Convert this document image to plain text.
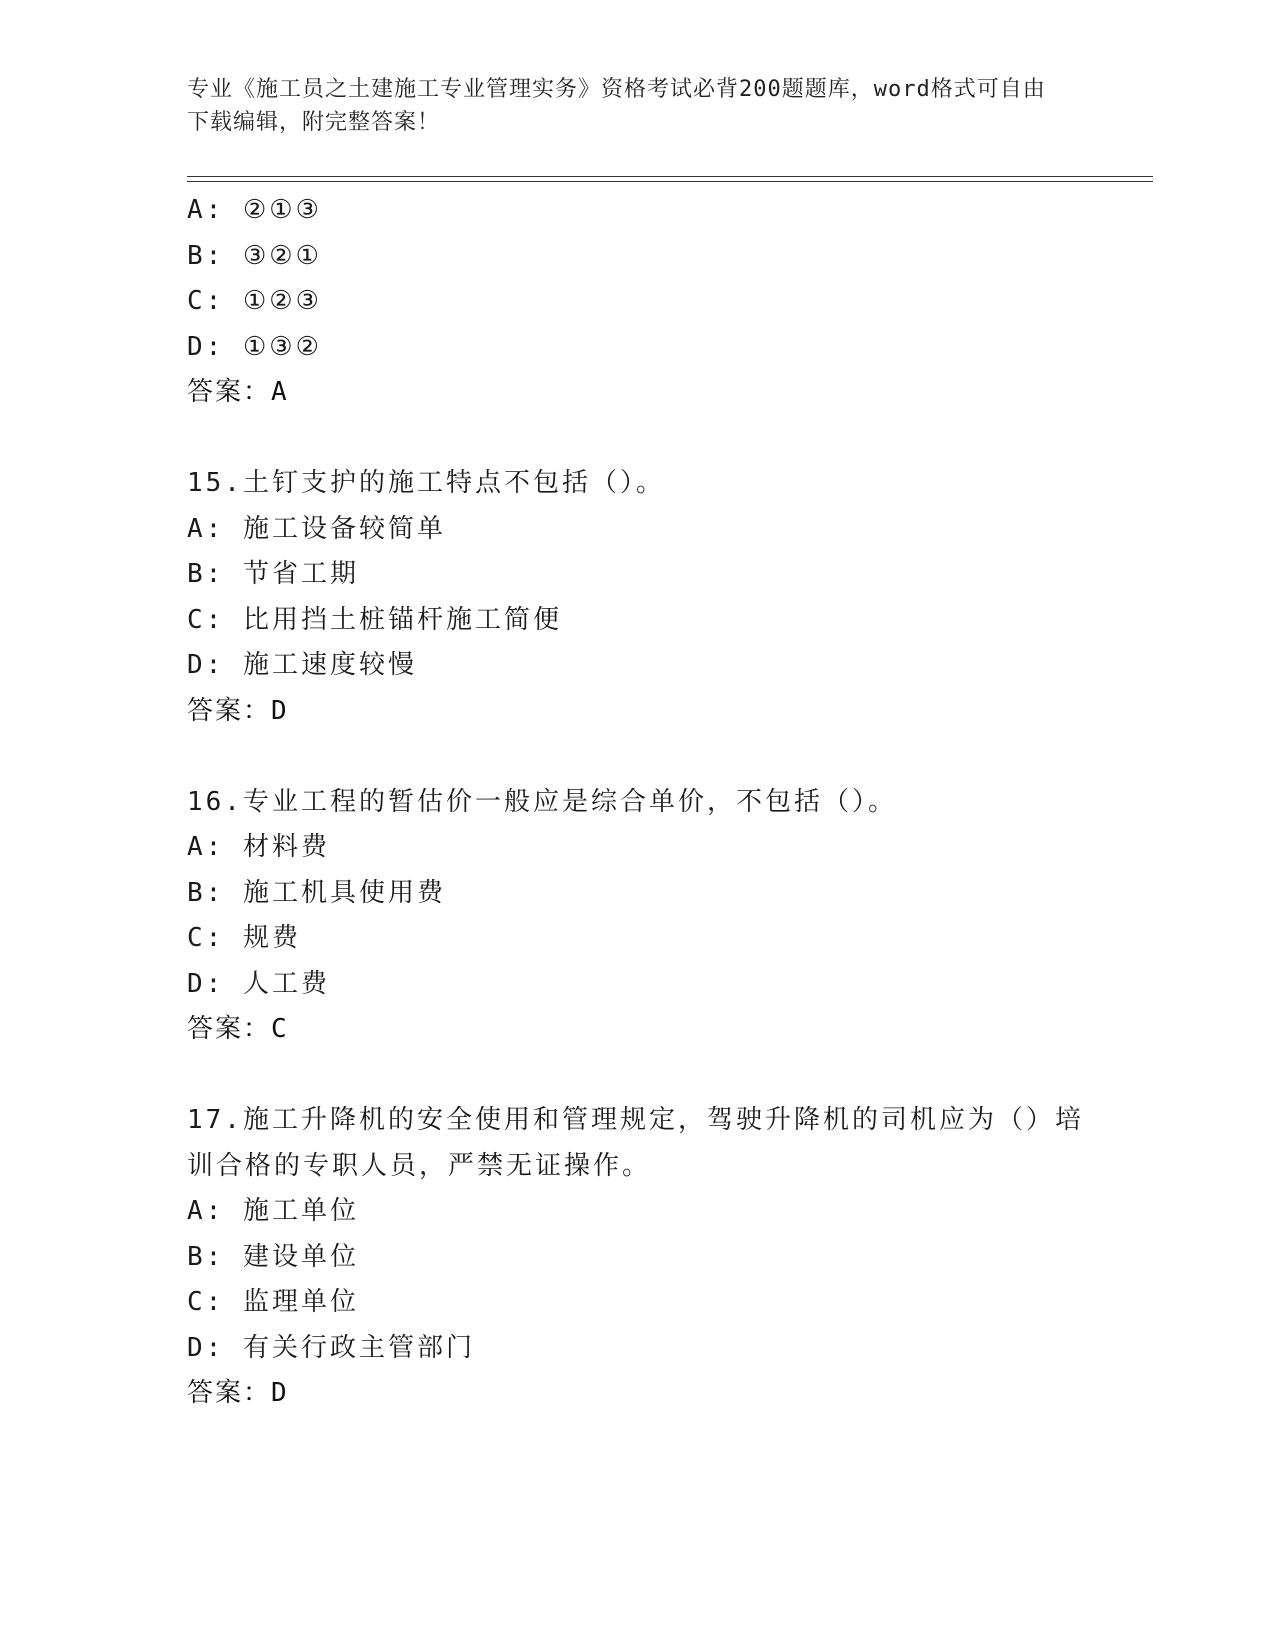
专业《施工员之土建施工专业管理实务》资格考试必背200题题库，word格式可自由下载编辑，附完整答案！
A: ②①③
B: ③②①
C: ①②③
D: ①③②
答案：A
15.土钉支护的施工特点不包括（）。
A: 施工设备较简单
B: 节省工期
C: 比用挡土桩锚杆施工简便
D: 施工速度较慢
答案：D
16.专业工程的暂估价一般应是综合单价，不包括（）。
A: 材料费
B: 施工机具使用费
C: 规费
D: 人工费
答案：C
17.施工升降机的安全使用和管理规定，驾驶升降机的司机应为（）培训合格的专职人员，严禁无证操作。
A: 施工单位
B: 建设单位
C: 监理单位
D: 有关行政主管部门
答案：D
